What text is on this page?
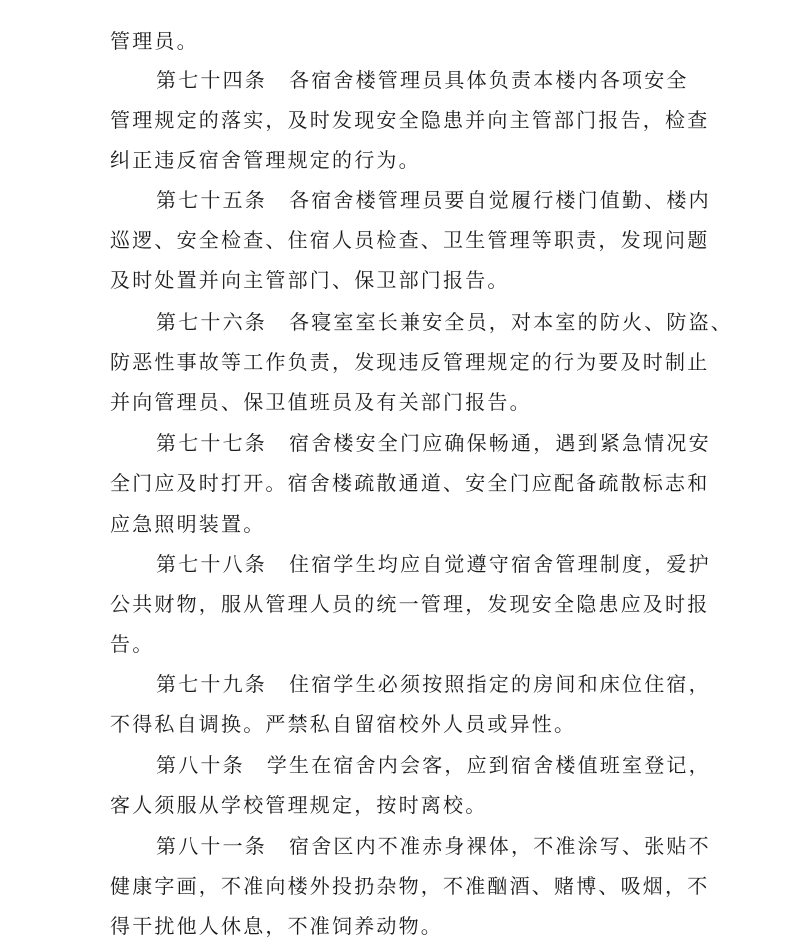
管理员。
第七十四条 各宿舍楼管理员具体负责本楼内各项安全
管理规定的落实，及时发现安全隐患并向主管部门报告，检查
纠正违反宿舍管理规定的行为。
第七十五条 各宿舍楼管理员要自觉履行楼门值勤、楼内
巡逻、安全检查、住宿人员检查、卫生管理等职责，发现问题
及时处置并向主管部门、保卫部门报告。
第七十六条 各寝室室长兼安全员，对本室的防火、防盗、
防恶性事故等工作负责，发现违反管理规定的行为要及时制止
并向管理员、保卫值班员及有关部门报告。
第七十七条 宿舍楼安全门应确保畅通，遇到紧急情况安
全门应及时打开。宿舍楼疏散通道、安全门应配备疏散标志和
应急照明装置。
第七十八条 住宿学生均应自觉遵守宿舍管理制度，爱护
公共财物，服从管理人员的统一管理，发现安全隐患应及时报
告。
第七十九条 住宿学生必须按照指定的房间和床位住宿，
不得私自调换。严禁私自留宿校外人员或异性。
第八十条 学生在宿舍内会客，应到宿舍楼值班室登记，
客人须服从学校管理规定，按时离校。
第八十一条 宿舍区内不准赤身裸体，不准涂写、张贴不
健康字画，不准向楼外投扔杂物，不准酗酒、赌博、吸烟，不
得干扰他人休息，不准饲养动物。
